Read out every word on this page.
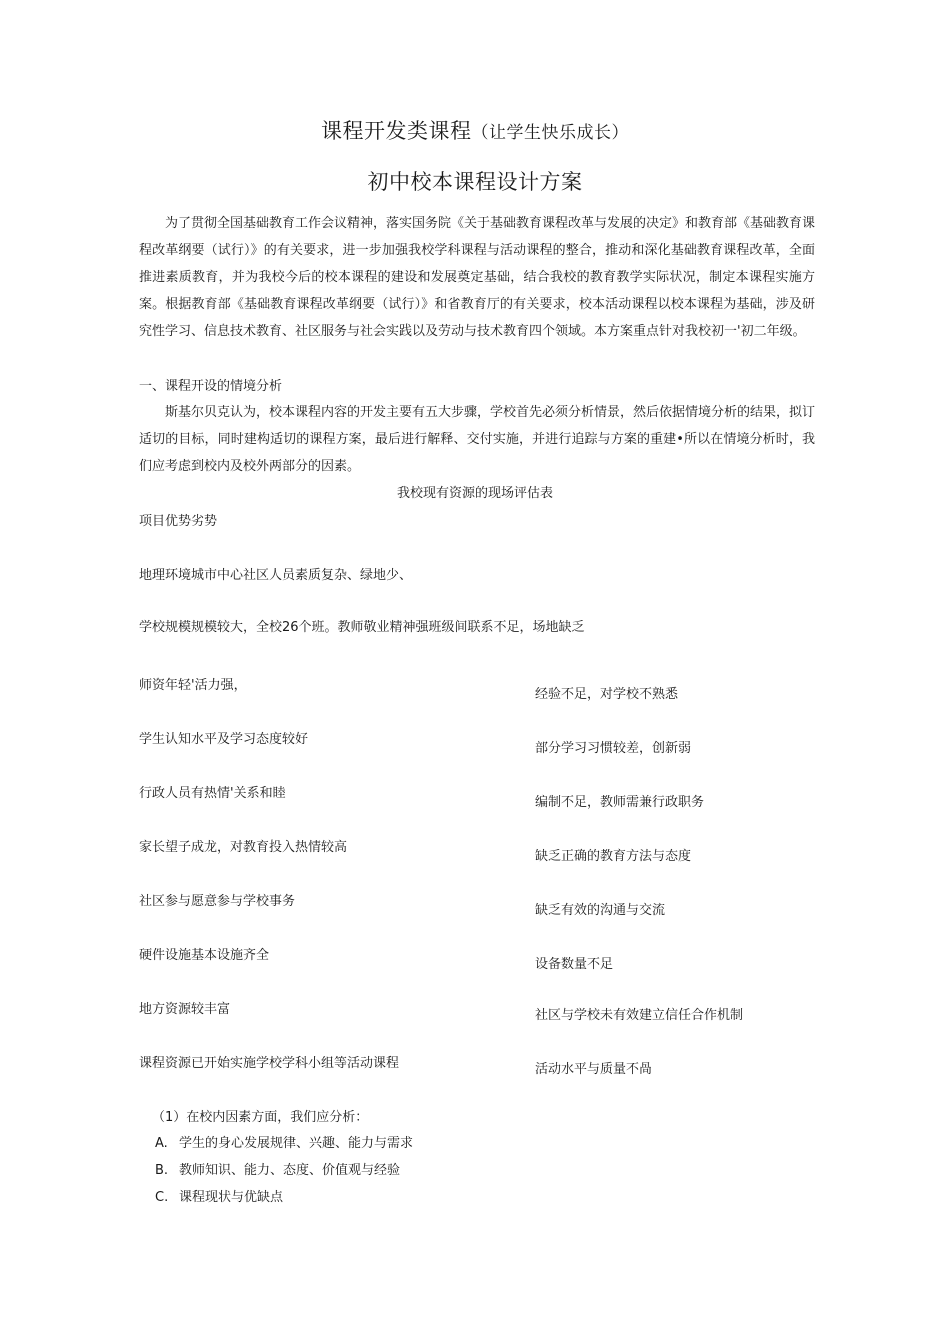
课程开发类课程（让学生快乐成长）
初中校本课程设计方案

为了贯彻全国基础教育工作会议精神，落实国务院《关于基础教育课程改革与发展的决定》和教育部《基础教育课程改革纲要（试行）》的有关要求，进一步加强我校学科课程与活动课程的整合，推动和深化基础教育课程改革，全面推进素质教育，并为我校今后的校本课程的建设和发展奠定基础，结合我校的教育教学实际状况，制定本课程实施方案。根据教育部《基础教育课程改革纲要（试行）》和省教育厅的有关要求，校本活动课程以校本课程为基础，涉及研究性学习、信息技术教育、社区服务与社会实践以及劳动与技术教育四个领域。本方案重点针对我校初一'初二年级。

一、课程开设的情境分析

斯基尔贝克认为，校本课程内容的开发主要有五大步骤，学校首先必须分析情景，然后依据情境分析的结果，拟订适切的目标，同时建构适切的课程方案，最后进行解释、交付实施，并进行追踪与方案的重建•所以在情境分析时，我们应考虑到校内及校外两部分的因素。

我校现有资源的现场评估表

项目优势劣势

地理环境城市中心社区人员素质复杂、绿地少、

学校规模规模较大，全校26个班。教师敬业精神强班级间联系不足，场地缺乏

师资年轻'活力强，

经验不足，对学校不熟悉

学生认知水平及学习态度较好

部分学习习惯较差，创新弱

行政人员有热情'关系和睦

编制不足，教师需兼行政职务

家长望子成龙，对教育投入热情较高

缺乏正确的教育方法与态度

社区参与愿意参与学校事务

缺乏有效的沟通与交流

硬件设施基本设施齐全

设备数量不足

地方资源较丰富	社区与学校未有效建立信任合作机制

课程资源已开始实施学校学科小组等活动课程	活动水平与质量不咼
（1）在校内因素方面，我们应分析：
A. 学生的身心发展规律、兴趣、能力与需求
B. 教师知识、能力、态度、价值观与经验
C. 课程现状与优缺点
